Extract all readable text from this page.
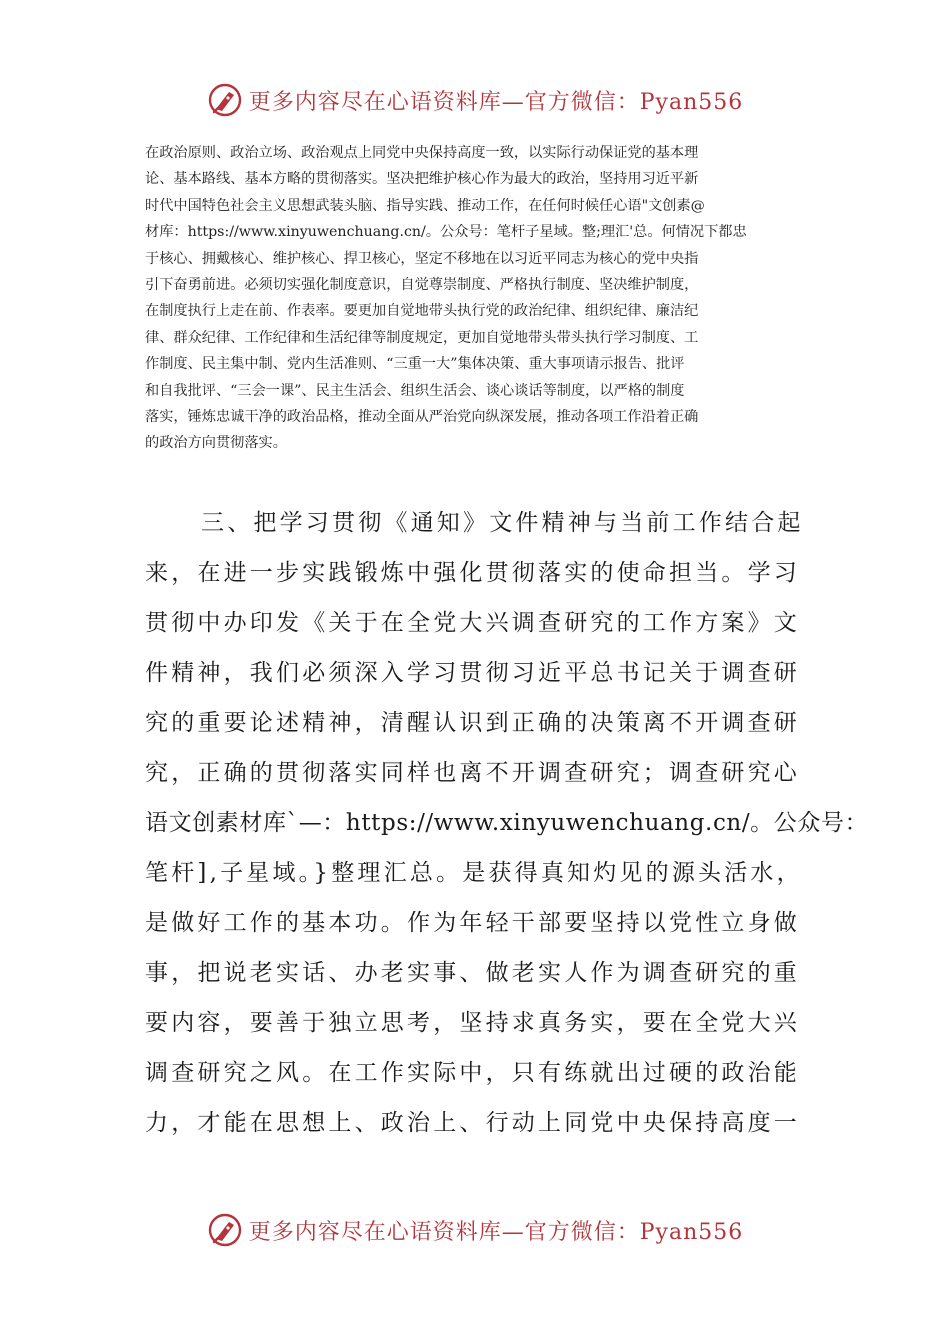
更多内容尽在心语资料库—官方微信：Pyan556
在政治原则、政治立场、政治观点上同党中央保持高度一致，以实际行动保证党的基本理
论、基本路线、基本方略的贯彻落实。坚决把维护核心作为最大的政治，坚持用习近平新
时代中国特色社会主义思想武装头脑、指导实践、推动工作，在任何时候任心语"文创素@
材库：https://www.xinyuwenchuang.cn/。公众号：笔杆子星域。整;理汇'总。何情况下都忠
于核心、拥戴核心、维护核心、捍卫核心，坚定不移地在以习近平同志为核心的党中央指
引下奋勇前进。必须切实强化制度意识，自觉尊崇制度、严格执行制度、坚决维护制度，
在制度执行上走在前、作表率。要更加自觉地带头执行党的政治纪律、组织纪律、廉洁纪
律、群众纪律、工作纪律和生活纪律等制度规定，更加自觉地带头带头执行学习制度、工
作制度、民主集中制、党内生活准则、“三重一大”集体决策、重大事项请示报告、批评
和自我批评、“三会一课”、民主生活会、组织生活会、谈心谈话等制度，以严格的制度
落实，锤炼忠诚干净的政治品格，推动全面从严治党向纵深发展，推动各项工作沿着正确
的政治方向贯彻落实。
三、把学习贯彻《通知》文件精神与当前工作结合起
来，在进一步实践锻炼中强化贯彻落实的使命担当。学习
贯彻中办印发《关于在全党大兴调查研究的工作方案》文
件精神，我们必须深入学习贯彻习近平总书记关于调查研
究的重要论述精神，清醒认识到正确的决策离不开调查研
究，正确的贯彻落实同样也离不开调查研究；调查研究心
语文创素材库`—：https://www.xinyuwenchuang.cn/。公众号：
笔杆],子星域。}整理汇总。是获得真知灼见的源头活水，
是做好工作的基本功。作为年轻干部要坚持以党性立身做
事，把说老实话、办老实事、做老实人作为调查研究的重
要内容，要善于独立思考，坚持求真务实，要在全党大兴
调查研究之风。在工作实际中，只有练就出过硬的政治能
力，才能在思想上、政治上、行动上同党中央保持高度一
更多内容尽在心语资料库—官方微信：Pyan556
